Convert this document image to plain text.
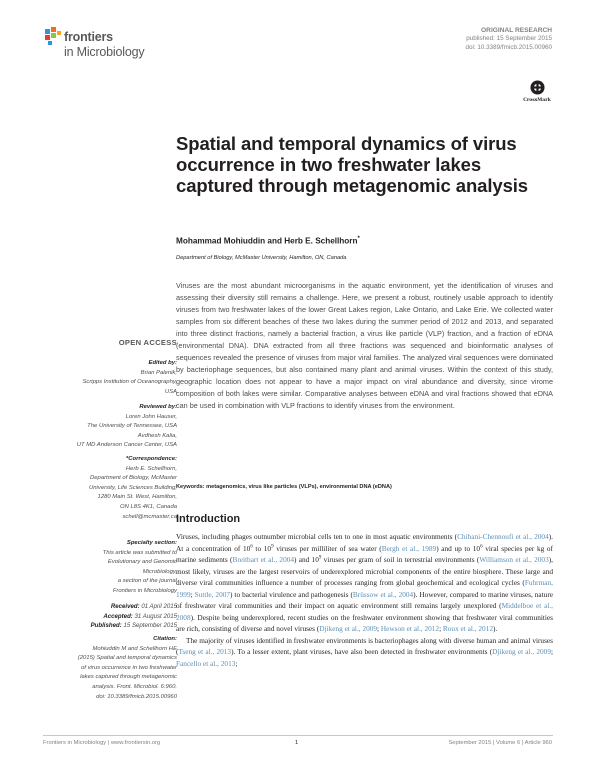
frontiers
in Microbiology
ORIGINAL RESEARCH
published: 15 September 2015
doi: 10.3389/fmicb.2015.00960
CrossMark
Spatial and temporal dynamics of virus occurrence in two freshwater lakes captured through metagenomic analysis
Mohammad Mohiuddin and Herb E. Schellhorn*
Department of Biology, McMaster University, Hamilton, ON, Canada
Viruses are the most abundant microorganisms in the aquatic environment, yet the identification of viruses and assessing their diversity still remains a challenge. Here, we present a robust, routinely usable approach to identify viruses from two freshwater lakes of the lower Great Lakes region, Lake Ontario, and Lake Erie. We collected water samples from six different beaches of these two lakes during the summer period of 2012 and 2013, and separated into three distinct fractions, namely a bacterial fraction, a virus like particle (VLP) fraction, and a fraction of eDNA (environmental DNA). DNA extracted from all three fractions was sequenced and bioinformatic analyses of sequences revealed the presence of viruses from major viral families. The analyzed viral sequences were dominated by bacteriophage sequences, but also contained many plant and animal viruses. Within the context of this study, geographic location does not appear to have a major impact on viral abundance and diversity, since virome composition of both lakes were similar. Comparative analyses between eDNA and viral fractions showed that eDNA can be used in combination with VLP fractions to identify viruses from the environment.
Keywords: metagenomics, virus like particles (VLPs), environmental DNA (eDNA)
OPEN ACCESS
Edited by:
Brian Palenik,
Scripps Institution of Oceanography,
USA
Reviewed by:
Loren John Hauser,
The University of Tennessee, USA
Avdhesh Kalia,
UT MD Anderson Cancer Center, USA
*Correspondence:
Herb E. Schellhorn,
Department of Biology, McMaster
University, Life Sciences Building,
1280 Main St. West, Hamilton,
ON L8S 4K1, Canada
schell@mcmaster.ca
Specialty section:
This article was submitted to
Evolutionary and Genomic
Microbiology,
a section of the journal
Frontiers in Microbiology
Received: 01 April 2015
Accepted: 31 August 2015
Published: 15 September 2015
Citation:
Mohiuddin M and Schellhorn HE
(2015) Spatial and temporal dynamics
of virus occurrence in two freshwater
lakes captured through metagenomic
analysis. Front. Microbiol. 6:960.
doi: 10.3389/fmicb.2015.00960
Introduction

Viruses, including phages outnumber microbial cells ten to one in most aquatic environments (Chibani-Chennoufi et al., 2004). At a concentration of $10^6$ to $10^9$ viruses per milliliter of sea water (Bergh et al., 1989) and up to $10^6$ viral species per kg of marine sediments (Breitbart et al., 2004) and $10^9$ viruses per gram of soil in terrestrial environments (Williamson et al., 2003), most likely, viruses are the largest reservoirs of underexplored microbial components of the entire biosphere. These large and diverse viral communities influence a number of processes ranging from global geochemical and ecological cycles (Fuhrman, 1999; Suttle, 2007) to bacterial virulence and pathogenesis (Brüssow et al., 2004). However, compared to marine viruses, nature of freshwater viral communities and their impact on aquatic environment still remains largely unexplored (Middelboe et al., 2008). Despite being underexplored, recent studies on the freshwater environment showing that freshwater viral communities are rich, consisting of diverse and novel viruses (Djikeng et al., 2009; Hewson et al., 2012; Roux et al., 2012).

The majority of viruses identified in freshwater environments is bacteriophages along with diverse human and animal viruses (Tseng et al., 2013). To a lesser extent, plant viruses, have also been detected in freshwater environments (Djikeng et al., 2009; Fancello et al., 2013;

Frontiers in Microbiology | www.frontiersin.org	1	September 2015 | Volume 6 | Article 960
